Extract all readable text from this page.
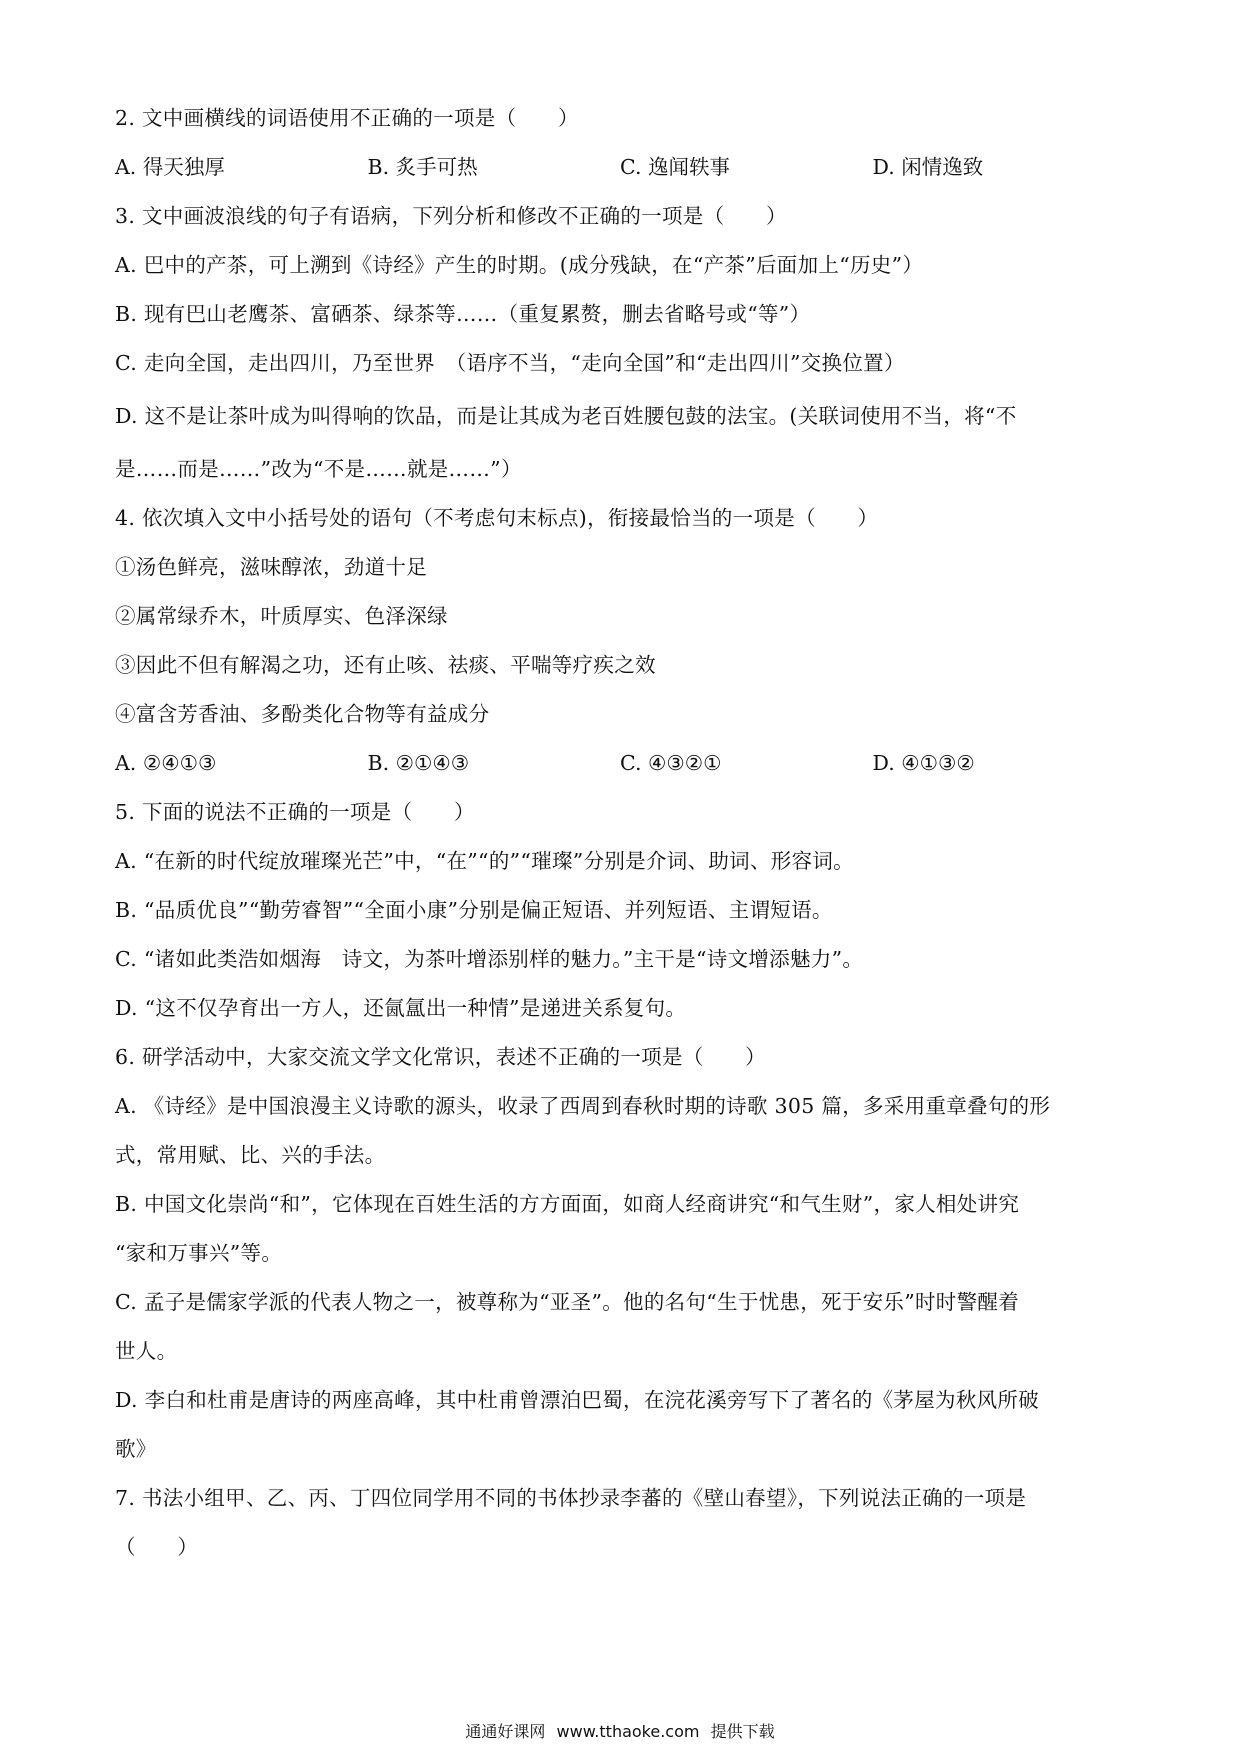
2. 文中画横线的词语使用不正确的一项是（　　）
A. 得天独厚	B. 炙手可热	C. 逸闻轶事	D. 闲情逸致
3. 文中画波浪线的句子有语病，下列分析和修改不正确的一项是（　　）
A. 巴中的产茶，可上溯到《诗经》产生的时期。(成分残缺，在“产茶”后面加上“历史”）
B. 现有巴山老鹰茶、富硒茶、绿茶等……（重复累赘，删去省略号或“等”）
C. 走向全国，走出四川，乃至世界　（语序不当，“走向全国”和“走出四川”交换位置）
D. 这不是让茶叶成为叫得响的饮品，而是让其成为老百姓腰包鼓的法宝。(关联词使用不当，将“不
是……而是……”改为“不是……就是……”）
4. 依次填入文中小括号处的语句（不考虑句末标点)，衔接最恰当的一项是（　　）
①汤色鲜亮，滋味醇浓，劲道十足
②属常绿乔木，叶质厚实、色泽深绿
③因此不但有解渴之功，还有止咳、祛痰、平喘等疗疾之效
④富含芳香油、多酚类化合物等有益成分
A. ②④①③	B. ②①④③	C. ④③②①	D. ④①③②
5. 下面的说法不正确的一项是（　　）
A. “在新的时代绽放璀璨光芒”中，“在”“的”“璀璨”分别是介词、助词、形容词。
B. “品质优良”“勤劳睿智”“全面小康”分别是偏正短语、并列短语、主谓短语。
C. “诸如此类浩如烟海　诗文，为茶叶增添别样的魅力。”主干是“诗文增添魅力”。
D. “这不仅孕育出一方人，还氤氲出一种情”是递进关系复句。
6. 研学活动中，大家交流文学文化常识，表述不正确的一项是（　　）
A. 《诗经》是中国浪漫主义诗歌的源头，收录了西周到春秋时期的诗歌 305 篇，多采用重章叠句的形
式，常用赋、比、兴的手法。
B. 中国文化崇尚“和”，它体现在百姓生活的方方面面，如商人经商讲究“和气生财”，家人相处讲究
“家和万事兴”等。
C. 孟子是儒家学派的代表人物之一，被尊称为“亚圣”。他的名句“生于忧患，死于安乐”时时警醒着
世人。
D. 李白和杜甫是唐诗的两座高峰，其中杜甫曾漂泊巴蜀，在浣花溪旁写下了著名的《茅屋为秋风所破
歌》
7. 书法小组甲、乙、丙、丁四位同学用不同的书体抄录李蕃的《壁山春望》，下列说法正确的一项是
（　　）
通通好课网 www.tthaoke.com 提供下载
